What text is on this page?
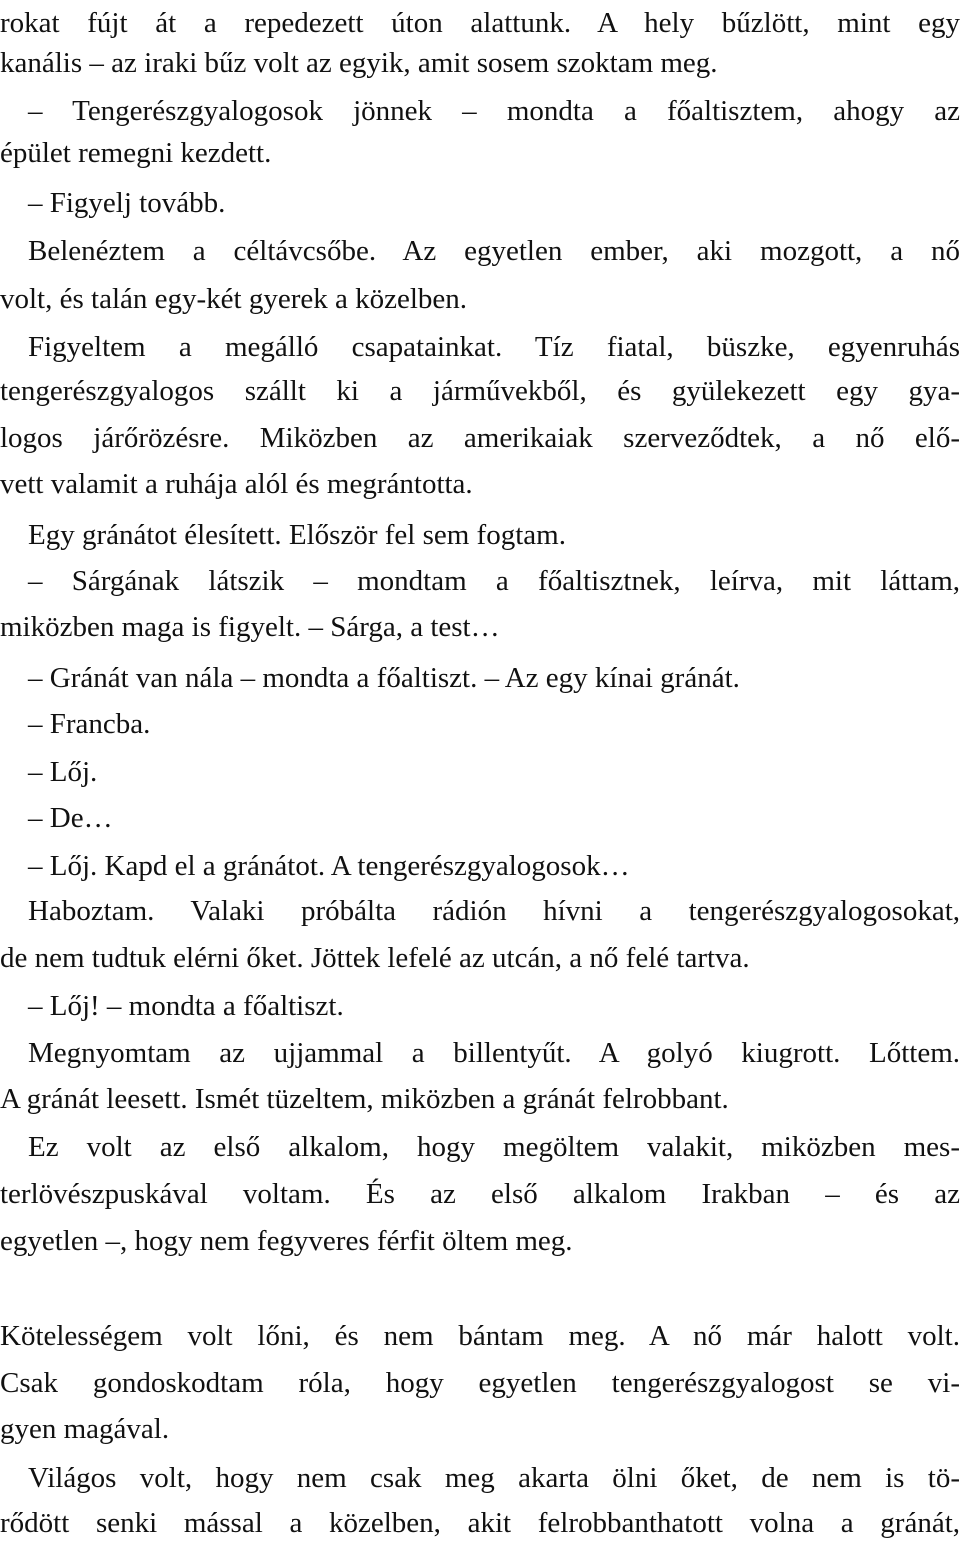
rokat fújt át a repedezett úton alattunk. A hely bűzlött, mint egy
kanális – az iraki bűz volt az egyik, amit sosem szoktam meg.
– Tengerészgyalogosok jönnek – mondta a főaltisztem, ahogy az
épület remegni kezdett.
– Figyelj tovább.
Belenéztem a céltávcsőbe. Az egyetlen ember, aki mozgott, a nő
volt, és talán egy-két gyerek a közelben.
Figyeltem a megálló csapatainkat. Tíz fiatal, büszke, egyenruhás
tengerészgyalogos szállt ki a járművekből, és gyülekezett egy gya-
logos járőrözésre. Miközben az amerikaiak szerveződtek, a nő elő-
vett valamit a ruhája alól és megrántotta.
Egy gránátot élesített. Először fel sem fogtam.
– Sárgának látszik – mondtam a főaltisztnek, leírva, mit láttam,
miközben maga is figyelt. – Sárga, a test…
– Gránát van nála – mondta a főaltiszt. – Az egy kínai gránát.
– Francba.
– Lőj.
– De…
– Lőj. Kapd el a gránátot. A tengerészgyalogosok…
Haboztam. Valaki próbálta rádión hívni a tengerészgyalogosokat,
de nem tudtuk elérni őket. Jöttek lefelé az utcán, a nő felé tartva.
– Lőj! – mondta a főaltiszt.
Megnyomtam az ujjammal a billentyűt. A golyó kiugrott. Lőttem.
A gránát leesett. Ismét tüzeltem, miközben a gránát felrobbant.
Ez volt az első alkalom, hogy megöltem valakit, miközben mes-
terlövészpuskával voltam. És az első alkalom Irakban – és az
egyetlen –, hogy nem fegyveres férfit öltem meg.
Kötelességem volt lőni, és nem bántam meg. A nő már halott volt.
Csak gondoskodtam róla, hogy egyetlen tengerészgyalogost se vi-
gyen magával.
Világos volt, hogy nem csak meg akarta ölni őket, de nem is tö-
rődött senki mással a közelben, akit felrobbanthatott volna a gránát,
